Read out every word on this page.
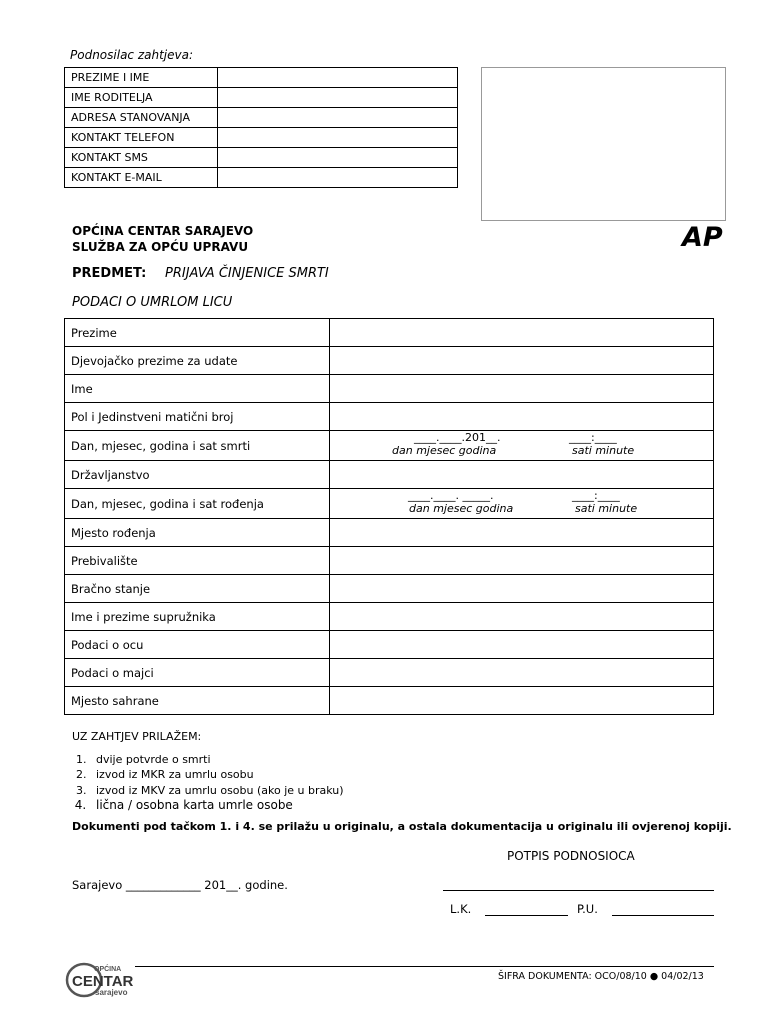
Podnosilac zahtjeva:
PREZIME I IME	
IME RODITELJA	
ADRESA STANOVANJA	
KONTAKT TELEFON	
KONTAKT SMS	
KONTAKT E-MAIL	
OPĆINA CENTAR SARAJEVO
SLUŽBA ZA OPĆU UPRAVU	AP
PREDMET: PRIJAVA ČINJENICE SMRTI
PODACI O UMRLOM LICU
Prezime	
Djevojačko prezime za udate	
Ime	
Pol i Jedinstveni matični broj	
Dan, mjesec, godina i sat smrti	____.____.201__. ____:____
dan mjesec godina sati minute

Državljanstvo	
Dan, mjesec, godina i sat rođenja	____.____. _____. ____:____
dan mjesec godina sati minute

Mjesto rođenja	
Prebivalište	
Bračno stanje	
Ime i prezime supružnika	
Podaci o ocu	
Podaci o majci	
Mjesto sahrane	
UZ ZAHTJEV PRILAŽEM:
1. dvije potvrde o smrti
2. izvod iz MKR za umrlu osobu
3. izvod iz MKV za umrlu osobu (ako je u braku)
4. lična / osobna karta umrle osobe
Dokumenti pod tačkom 1. i 4. se prilažu u originalu, a ostala dokumentacija u originalu ili ovjerenoj kopiji.
POTPIS PODNOSIOCA
Sarajevo _____________ 201__. godine.
L.K.	P.U.
OPĆINA
CENTAR
sarajevo
ŠIFRA DOKUMENTA: OCO/08/10 ● 04/02/13
